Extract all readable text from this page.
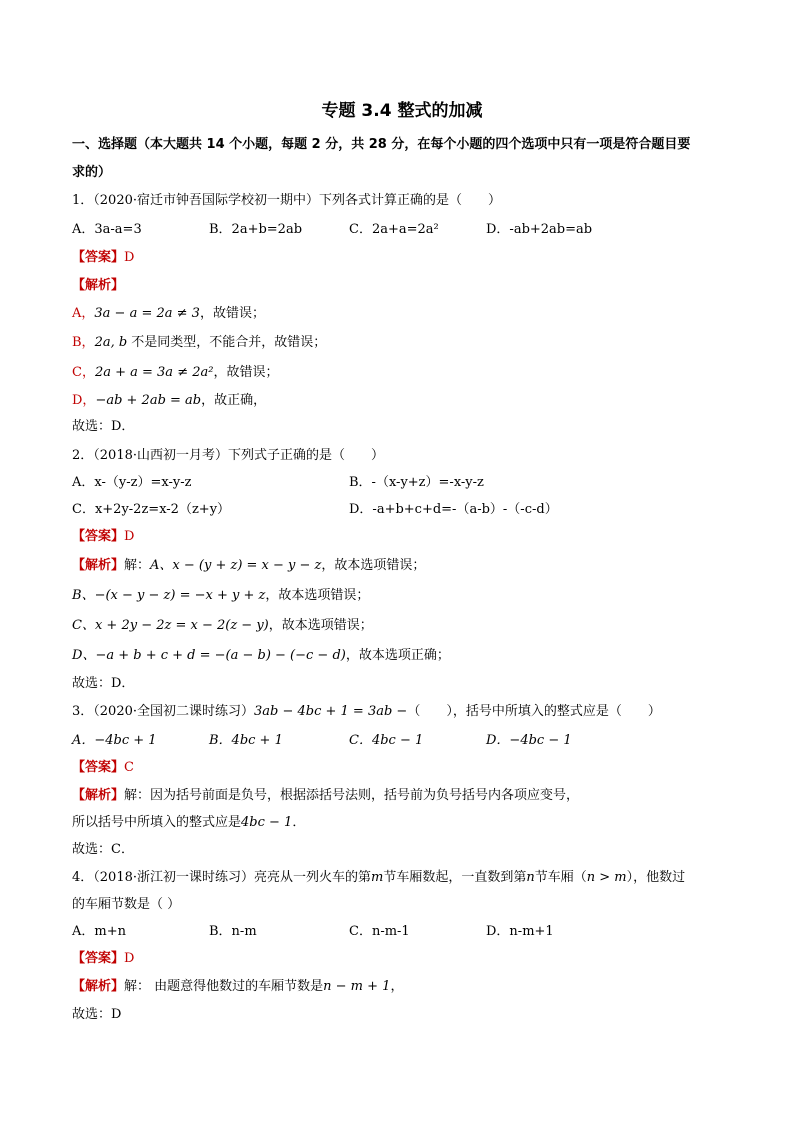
专题 3.4 整式的加减
一、选择题（本大题共 14 个小题，每题 2 分，共 28 分，在每个小题的四个选项中只有一项是符合题目要
求的）
1．（2020·宿迁市钟吾国际学校初一期中）下列各式计算正确的是（　　）
A．3a-a=3	B．2a+b=2ab	C．2a+a=2a²	D．-ab+2ab=ab
【答案】D
【解析】
A，3a − a = 2a ≠ 3，故错误；
B，2a, b 不是同类型，不能合并，故错误；
C，2a + a = 3a ≠ 2a²，故错误；
D，−ab + 2ab = ab，故正确，
故选：D．
2．（2018·山西初一月考）下列式子正确的是（　　）
A．x-（y-z）=x-y-z	B．-（x-y+z）=-x-y-z
C．x+2y-2z=x-2（z+y）	D．-a+b+c+d=-（a-b）-（-c-d）
【答案】D
【解析】解：A、x − (y + z) = x − y − z，故本选项错误；
B、−(x − y − z) = −x + y + z，故本选项错误；
C、x + 2y − 2z = x − 2(z − y)，故本选项错误；
D、−a + b + c + d = −(a − b) − (−c − d)，故本选项正确；
故选：D．
3．（2020·全国初二课时练习）3ab − 4bc + 1 = 3ab −（　　），括号中所填入的整式应是（　　）
A．−4bc + 1	B．4bc + 1	C．4bc − 1	D．−4bc − 1
【答案】C
【解析】解：因为括号前面是负号，根据添括号法则，括号前为负号括号内各项应变号，
所以括号中所填入的整式应是4bc − 1．
故选：C．
4．（2018·浙江初一课时练习）亮亮从一列火车的第m节车厢数起，一直数到第n节车厢（n > m），他数过
的车厢节数是（ ）
A．m+n	B．n-m	C．n-m-1	D．n-m+1
【答案】D
【解析】解： 由题意得他数过的车厢节数是n − m + 1，
故选：D
